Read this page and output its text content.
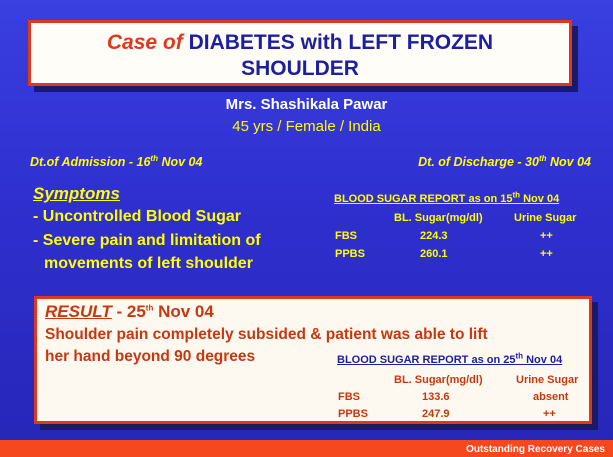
Case of DIABETES with LEFT FROZEN
SHOULDER
Mrs. Shashikala Pawar
45 yrs / Female / India
Dt.of Admission - 16th Nov 04	Dt. of Discharge - 30th Nov 04
Symptoms
- Uncontrolled Blood Sugar
- Severe pain and limitation of
movements of left shoulder
BLOOD SUGAR REPORT as on 15th Nov 04
BL. Sugar(mg/dl)	Urine Sugar
FBS	224.3	++
PPBS	260.1	++
RESULT - 25th Nov 04
Shoulder pain completely subsided & patient was able to lift
her hand beyond 90 degrees	BLOOD SUGAR REPORT as on 25th Nov 04
BL. Sugar(mg/dl)	Urine Sugar
FBS	133.6	absent
PPBS	247.9	++
Outstanding Recovery Cases
